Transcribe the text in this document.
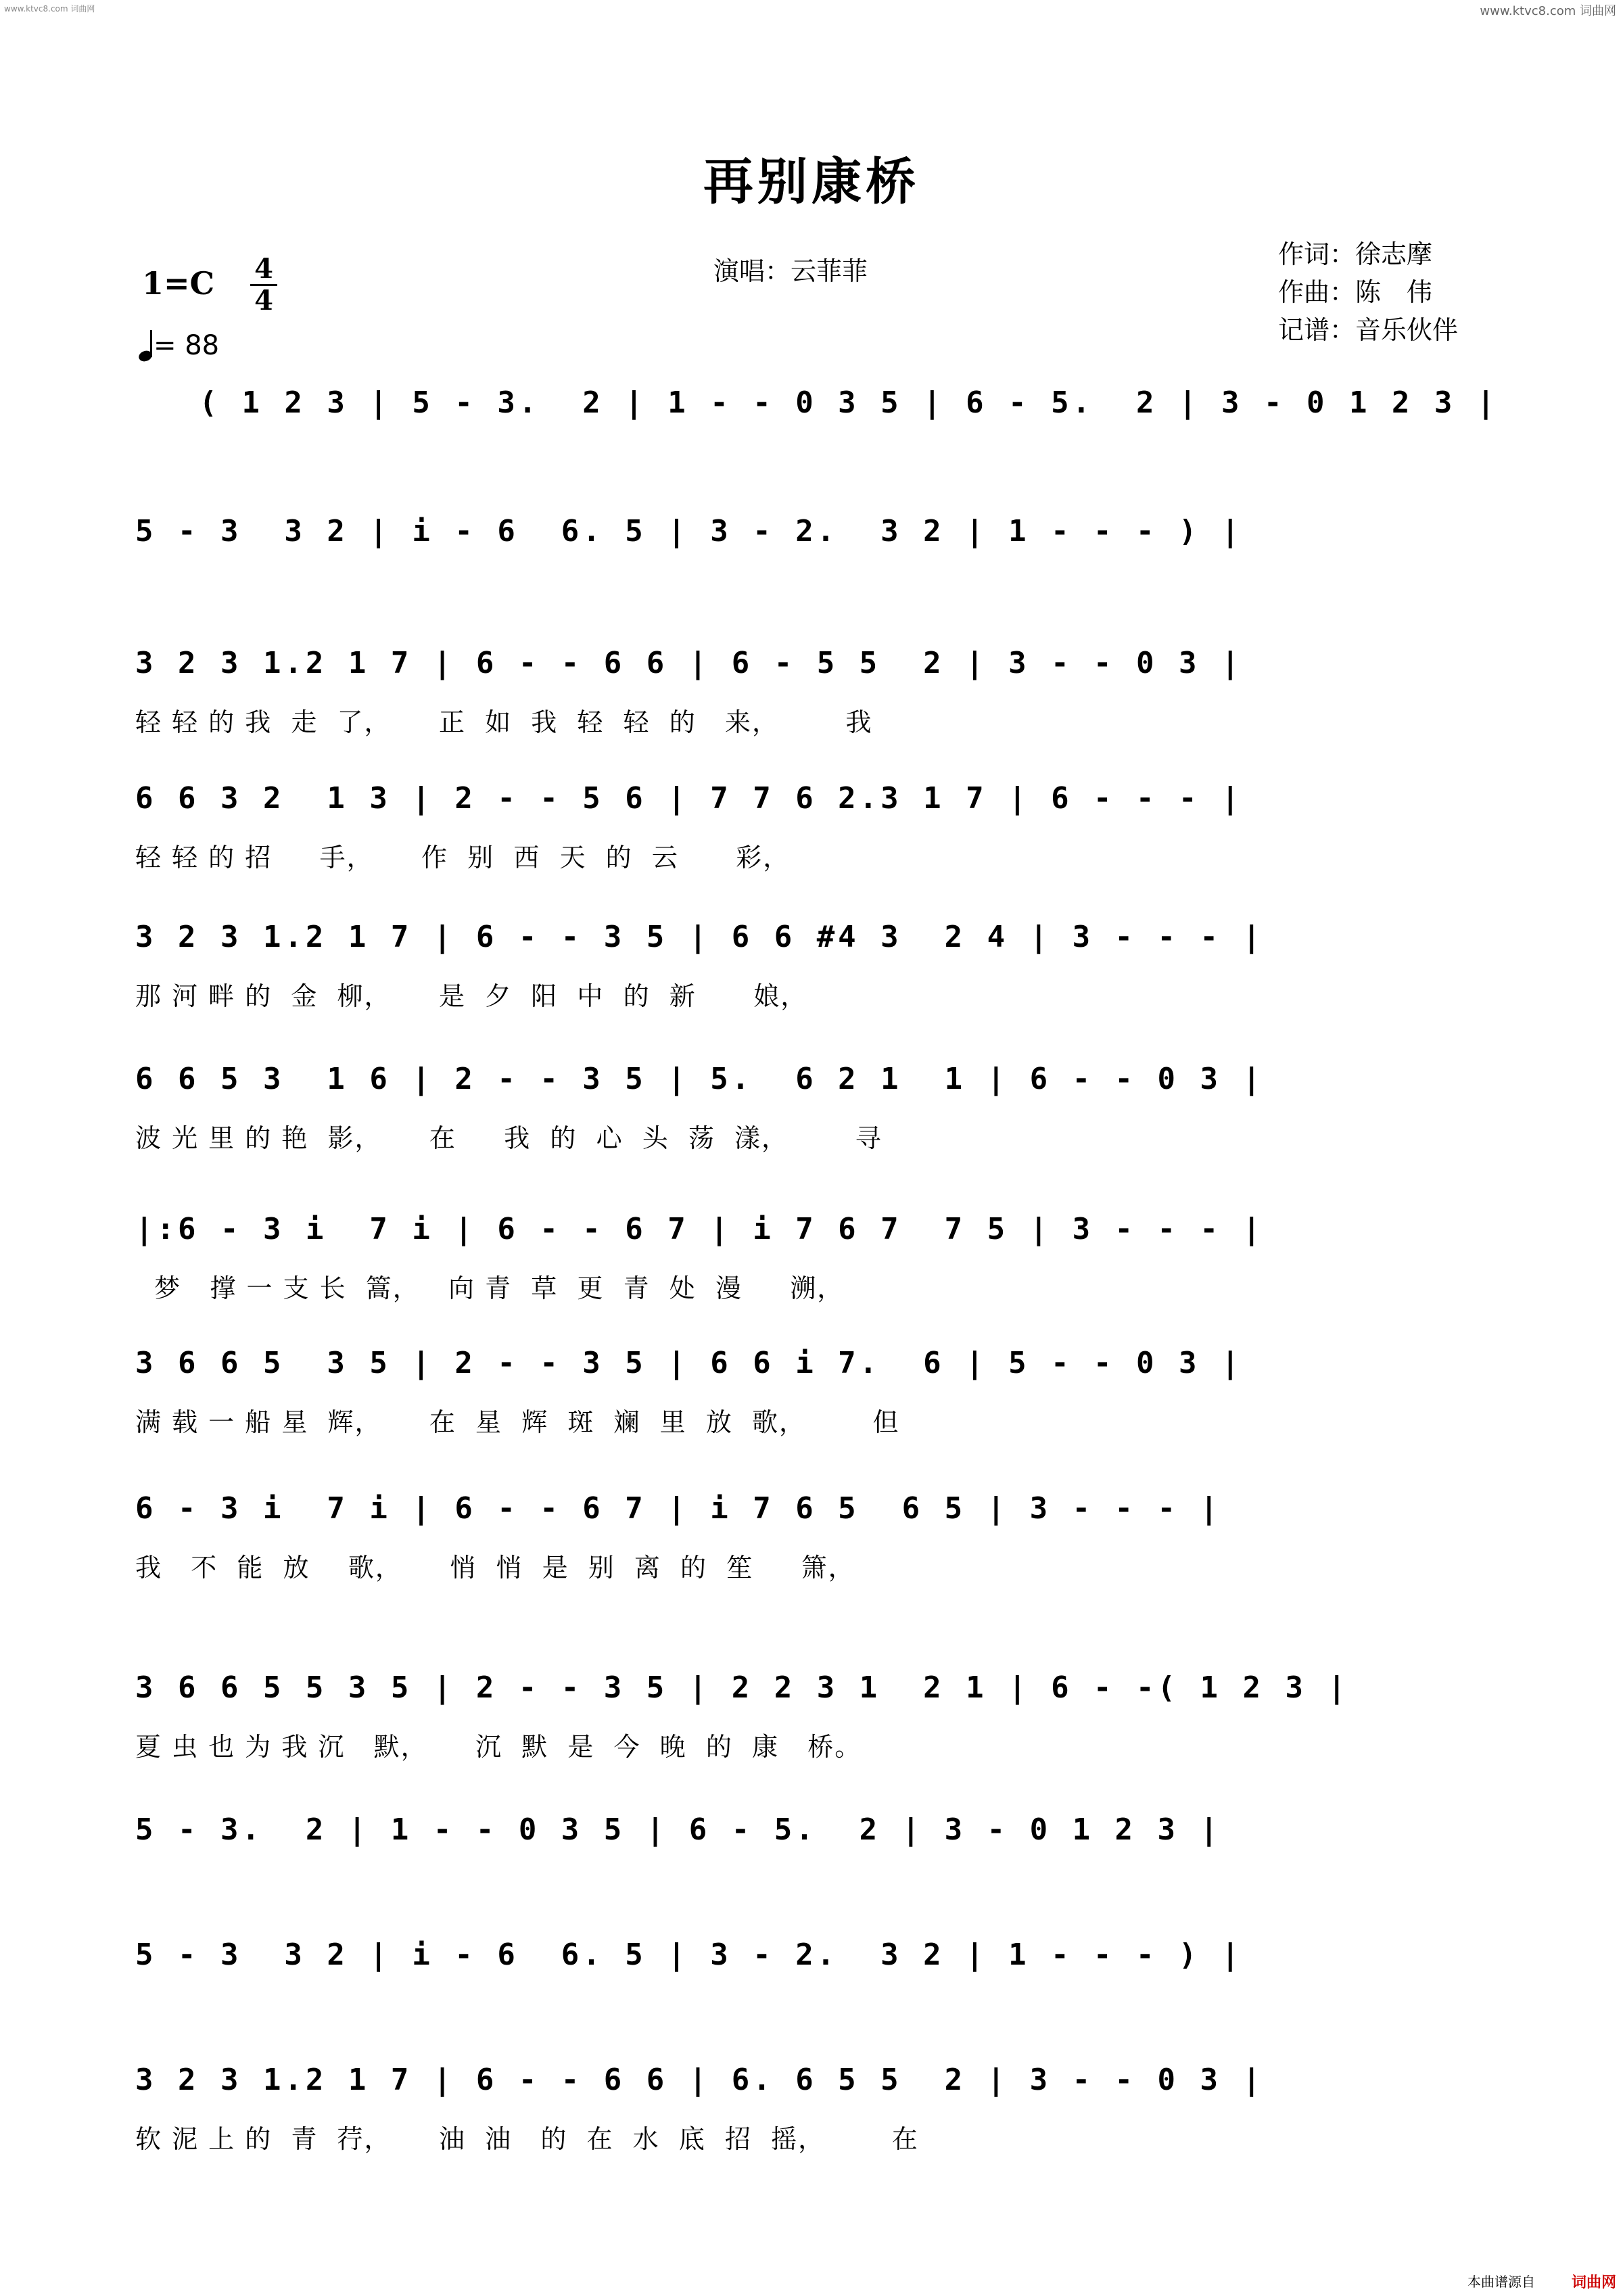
www.ktvc8.com 词曲网	www.ktvc8.com 词曲网
再别康桥
演唱：云菲菲
作词：徐志摩
作曲：陈　伟
记谱：音乐伙伴
1=C 4
4
= 88
( 1 2 3 | 5 - 3.  2 | 1 - - 0 3 5 | 6 - 5.  2 | 3 - 0 1 2 3 |
5 - 3  3 2 | i - 6  6. 5 | 3 - 2.  3 2 | 1 - - - ) |
3 2 3 1.2 1 7 | 6 - - 6 6 | 6 - 5 5  2 | 3 - - 0 3 |
轻 轻 的 我  走  了，     正  如  我  轻  轻  的   来，       我
6 6 3 2  1 3 | 2 - - 5 6 | 7 7 6 2.3 1 7 | 6 - - - |
轻 轻 的 招     手，     作  别  西  天  的  云      彩，
3 2 3 1.2 1 7 | 6 - - 3 5 | 6 6 #4 3  2 4 | 3 - - - |
那 河 畔 的  金  柳，     是  夕  阳  中  的  新      娘，
6 6 5 3  1 6 | 2 - - 3 5 | 5.  6 2 1  1 | 6 - - 0 3 |
波 光 里 的 艳  影，     在     我  的  心  头  荡  漾，       寻
|:6 - 3 i  7 i | 6 - - 6 7 | i 7 6 7  7 5 | 3 - - - |
梦   撑 一 支 长  篙，   向 青  草  更  青  处  漫     溯，
3 6 6 5  3 5 | 2 - - 3 5 | 6 6 i 7.  6 | 5 - - 0 3 |
满 载 一 船 星  辉，     在  星  辉  斑  斓  里  放  歌，       但
6 - 3 i  7 i | 6 - - 6 7 | i 7 6 5  6 5 | 3 - - - |
我   不  能  放    歌，     悄  悄  是  别  离  的  笙     箫，
3 6 6 5 5 3 5 | 2 - - 3 5 | 2 2 3 1  2 1 | 6 - -( 1 2 3 |
夏 虫 也 为 我 沉   默，     沉  默  是  今  晚  的  康   桥。
5 - 3.  2 | 1 - - 0 3 5 | 6 - 5.  2 | 3 - 0 1 2 3 |
5 - 3  3 2 | i - 6  6. 5 | 3 - 2.  3 2 | 1 - - - ) |
3 2 3 1.2 1 7 | 6 - - 6 6 | 6. 6 5 5  2 | 3 - - 0 3 |
软 泥 上 的  青  荇，     油  油   的  在  水  底  招  摇，       在
本曲谱源自 词曲网
